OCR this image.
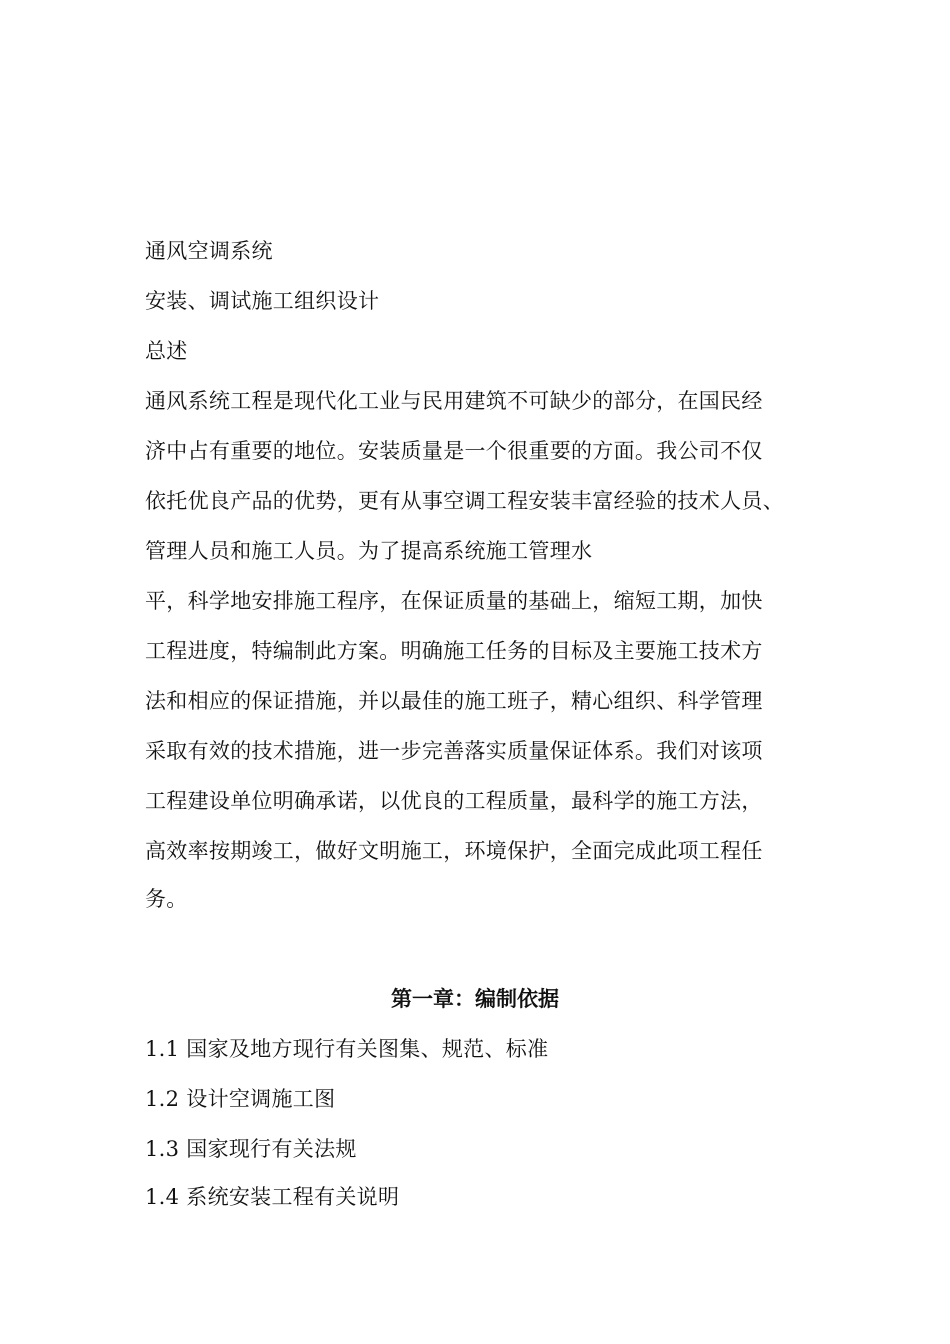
通风空调系统
安装、调试施工组织设计
总述
通风系统工程是现代化工业与民用建筑不可缺少的部分，在国民经
济中占有重要的地位。安装质量是一个很重要的方面。我公司不仅
依托优良产品的优势，更有从事空调工程安装丰富经验的技术人员、
管理人员和施工人员。为了提高系统施工管理水
平，科学地安排施工程序，在保证质量的基础上，缩短工期，加快
工程进度，特编制此方案。明确施工任务的目标及主要施工技术方
法和相应的保证措施，并以最佳的施工班子，精心组织、科学管理
采取有效的技术措施，进一步完善落实质量保证体系。我们对该项
工程建设单位明确承诺，以优良的工程质量，最科学的施工方法，
高效率按期竣工，做好文明施工，环境保护，全面完成此项工程任
务。
第一章：编制依据
1.1 国家及地方现行有关图集、规范、标准
1.2 设计空调施工图
1.3 国家现行有关法规
1.4 系统安装工程有关说明
